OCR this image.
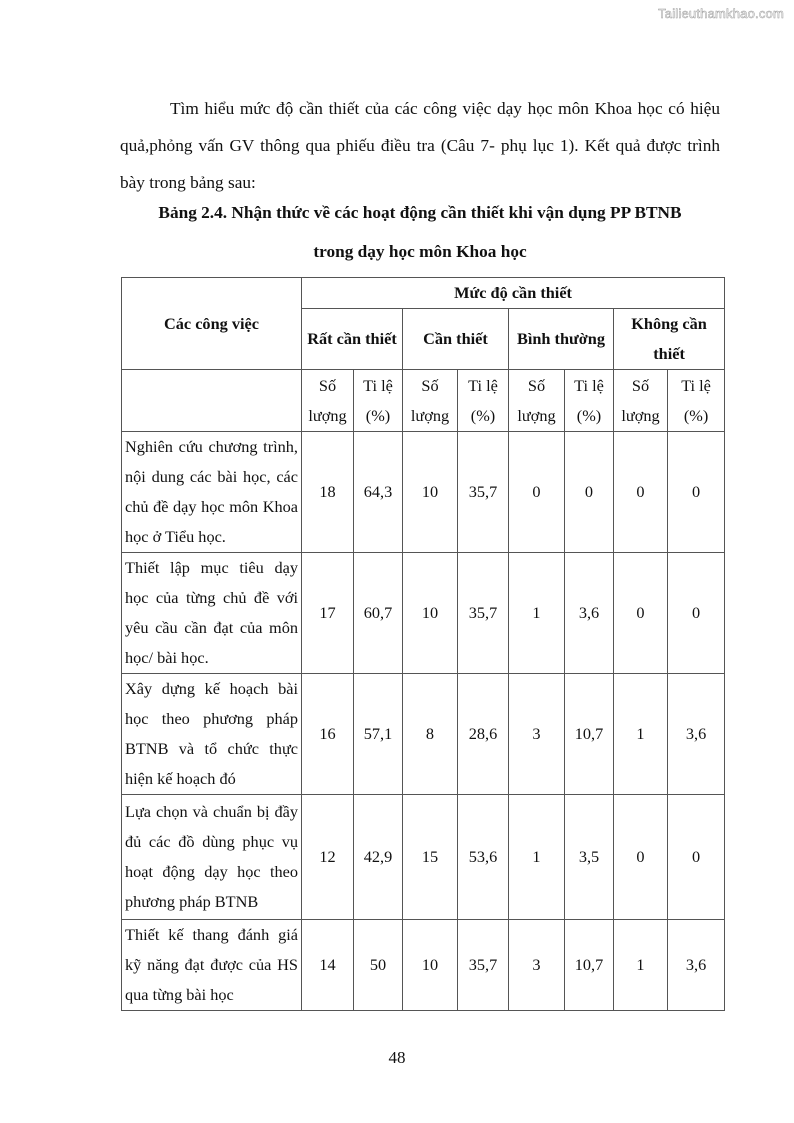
Tailieuthamkhao.com
Tìm hiểu mức độ cần thiết của các công việc dạy học môn Khoa học có hiệu quả,phỏng vấn GV thông qua phiếu điều tra (Câu 7- phụ lục 1). Kết quả được trình bày trong bảng sau:
Bảng 2.4. Nhận thức về các hoạt động cần thiết khi vận dụng PP BTNB
trong dạy học môn Khoa học
Các công việc	Mức độ cần thiết							
	Rất cần thiết		Cần thiết		Bình thường		Không cần thiết	
	Số lượng	Ti lệ (%)	Số lượng	Ti lệ (%)	Số lượng	Ti lệ (%)	Số lượng	Ti lệ (%)
Nghiên cứu chương trình, nội dung các bài học, các chủ đề dạy học môn Khoa học ở Tiểu học.	18	64,3	10	35,7	0	0	0	0
Thiết lập mục tiêu dạy học của từng chủ đề với yêu cầu cần đạt của môn học/ bài học.	17	60,7	10	35,7	1	3,6	0	0
Xây dựng kế hoạch bài học theo phương pháp BTNB và tổ chức thực hiện kế hoạch đó	16	57,1	8	28,6	3	10,7	1	3,6
Lựa chọn và chuẩn bị đầy đủ các đồ dùng phục vụ hoạt động dạy học theo phương pháp BTNB	12	42,9	15	53,6	1	3,5	0	0
Thiết kế thang đánh giá kỹ năng đạt được của HS qua từng bài học	14	50	10	35,7	3	10,7	1	3,6
48
